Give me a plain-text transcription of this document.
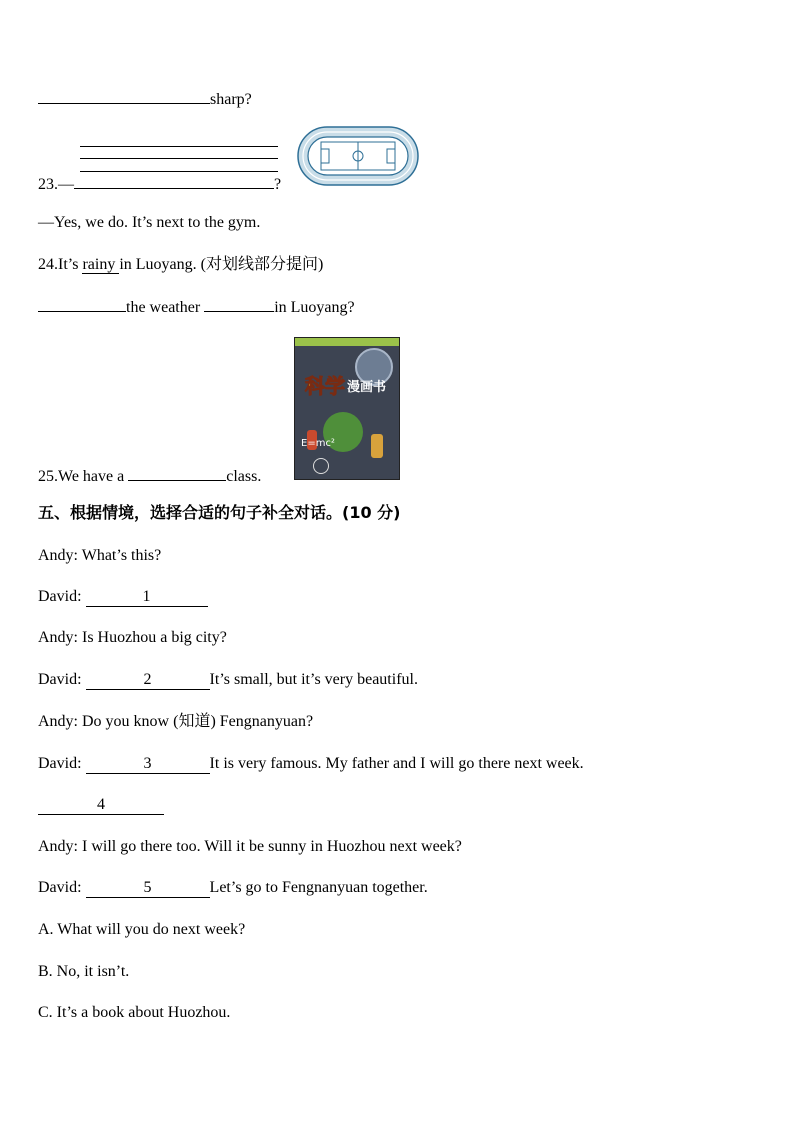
sharp?
23.—	?
—Yes, we do. It’s next to the gym.
24.It’s rainy in Luoyang. (对划线部分提问)
the weather	in Luoyang?
科学 漫画书
E=mc²
25.We have a	class.
五、根据情境，选择合适的句子补全对话。(10 分)
Andy: What’s this?
David:	1
Andy: Is Huozhou a big city?
David:	2	It’s small, but it’s very beautiful.
Andy: Do you know (知道) Fengnanyuan?
David:	3	It is very famous. My father and I will go there next week.
4
Andy: I will go there too. Will it be sunny in Huozhou next week?
David:	5	Let’s go to Fengnanyuan together.
A. What will you do next week?
B. No, it isn’t.
C. It’s a book about Huozhou.
